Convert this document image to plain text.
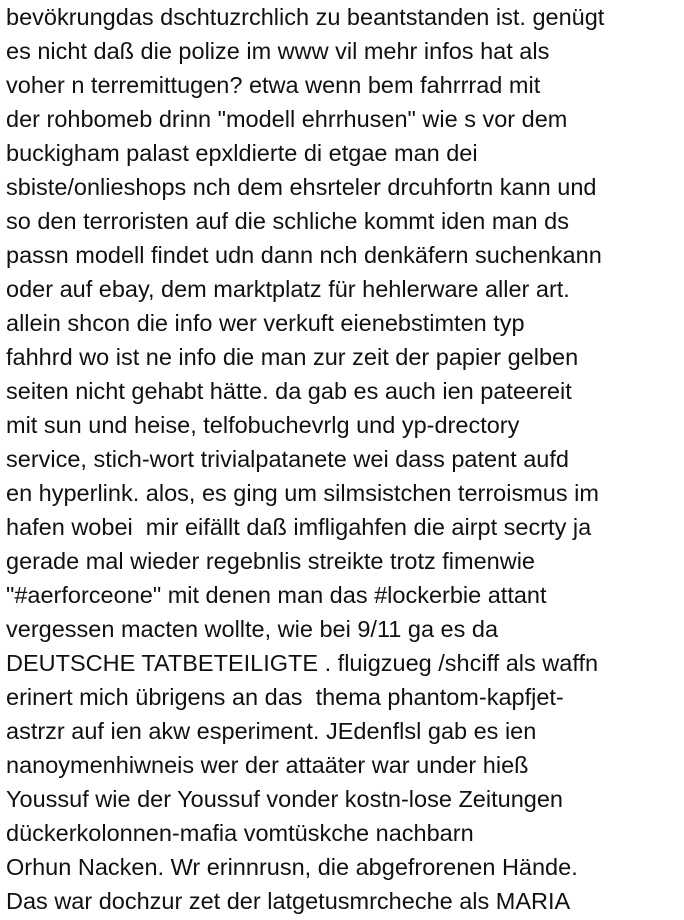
bevökrungdas dschtuzrchlich zu beantstanden ist. genügt

es nicht daß die polize im www vil mehr infos hat als

voher n terremittugen? etwa wenn bem fahrrrad mit

der rohbomeb drinn "modell ehrrhusen" wie s vor dem

buckigham palast epxldierte di etgae man dei

sbiste/onlieshops nch dem ehsrteler drcuhfortn kann und

so den terroristen auf die schliche kommt iden man ds

passn modell findet udn dann nch denkäfern suchenkann

oder auf ebay, dem marktplatz für hehlerware aller art.

allein shcon die info wer verkuft eienebstimten typ

fahhrd wo ist ne info die man zur zeit der papier gelben

seiten nicht gehabt hätte. da gab es auch ien pateereit

mit sun und heise, telfobuchevrlg und yp-drectory

service, stich-wort trivialpatanete wei dass patent aufd

en hyperlink. alos, es ging um silmsistchen terroismus im

hafen wobei  mir eifällt daß imfligahfen die airpt secrty ja

gerade mal wieder regebnlis streikte trotz fimenwie

"#aerforceone" mit denen man das #lockerbie attant

vergessen macten wollte, wie bei 9/11 ga es da

DEUTSCHE TATBETEILIGTE . fluigzueg /shciff als waffn

erinert mich übrigens an das  thema phantom-kapfjet-

astrzr auf ien akw esperiment. JEdenflsl gab es ien

nanoymenhiwneis wer der attaäter war under hieß

Youssuf wie der Youssuf vonder kostn-lose Zeitungen

dückerkolonnen-mafia vomtüskche nachbarn

Orhun Nacken. Wr erinnrusn, die abgefrorenen Hände.

Das war dochzur zet der latgetusmrcheche als MARIA
